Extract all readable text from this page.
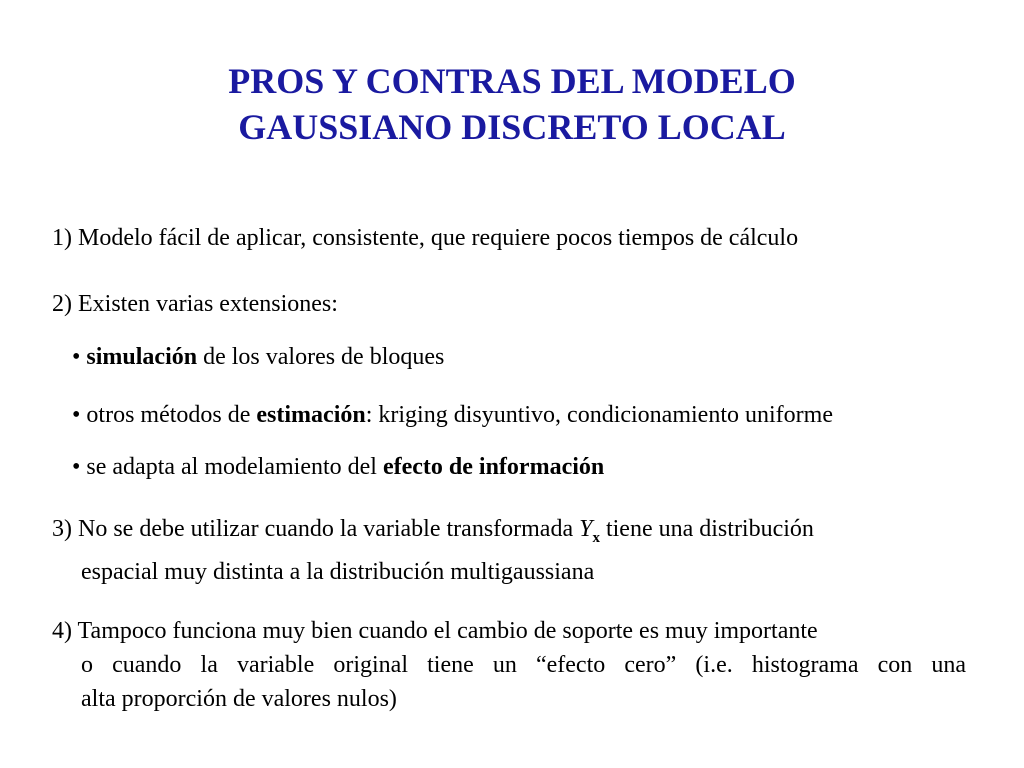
PROS Y CONTRAS DEL MODELO
GAUSSIANO DISCRETO LOCAL
1) Modelo fácil de aplicar, consistente, que requiere pocos tiempos de cálculo
2) Existen varias extensiones:
• simulación de los valores de bloques
• otros métodos de estimación: kriging disyuntivo, condicionamiento uniforme
• se adapta al modelamiento del efecto de información
3) No se debe utilizar cuando la variable transformada $Y_x$ tiene una distribución
espacial muy distinta a la distribución multigaussiana
4) Tampoco funciona muy bien cuando el cambio de soporte es muy importante
o cuando la variable original tiene un “efecto cero” (i.e. histograma con una
alta proporción de valores nulos)
